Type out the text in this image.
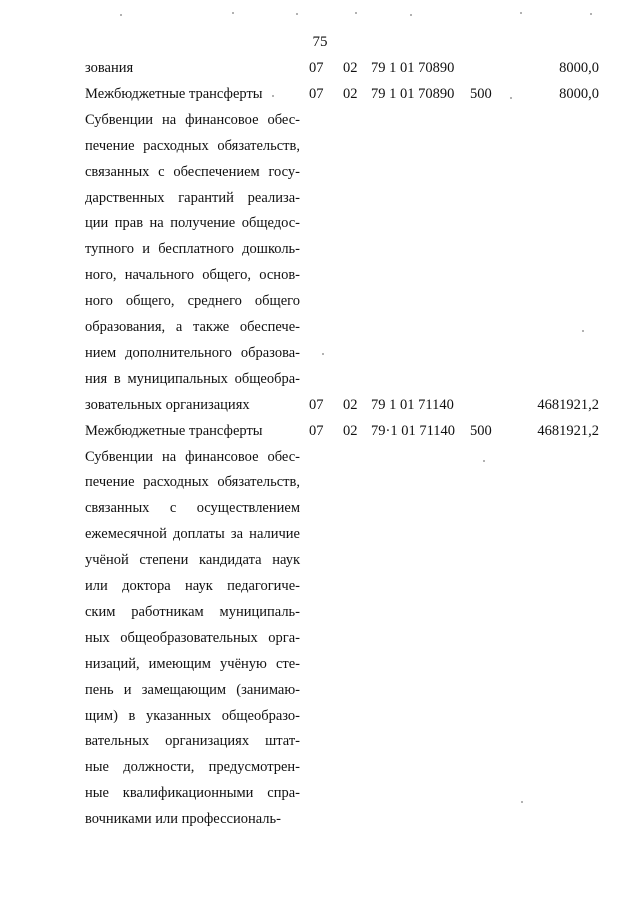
75
зования	07 02 79 1 01 70890	8000,0
Межбюджетные трансферты	07 02 79 1 01 70890 500	8000,0
Субвенции на финансовое обес-
печение расходных обязательств,
связанных с обеспечением госу-
дарственных гарантий реализа-
ции прав на получение общедос-
тупного и бесплатного дошколь-
ного, начального общего, основ-
ного общего, среднего общего
образования, а также обеспече-
нием дополнительного образова-
ния в муниципальных общеобра-
зовательных организациях	07 02 79 1 01 71140	4681921,2
Межбюджетные трансферты	07 02 79·1 01 71140 500	4681921,2
Субвенции на финансовое обес-
печение расходных обязательств,
связанных с осуществлением
ежемесячной доплаты за наличие
учёной степени кандидата наук
или доктора наук педагогиче-
ским работникам муниципаль-
ных общеобразовательных орга-
низаций, имеющим учёную сте-
пень и замещающим (занимаю-
щим) в указанных общеобразо-
вательных организациях штат-
ные должности, предусмотрен-
ные квалификационными спра-
вочниками или профессиональ-
